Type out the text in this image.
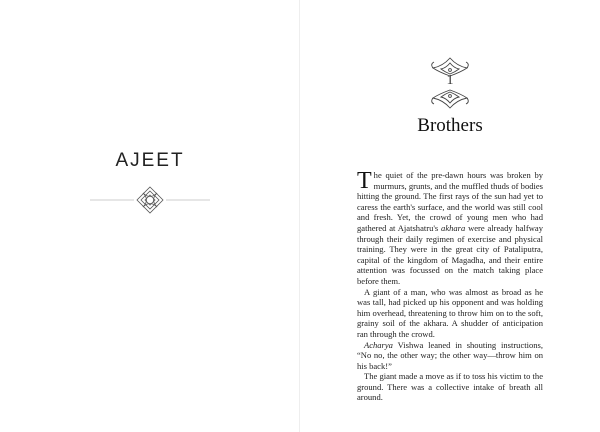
AJEET
1
Brothers

The quiet of the pre-dawn hours was broken by murmurs, grunts, and the muffled thuds of bodies hitting the ground. The first rays of the sun had yet to caress the earth's surface, and the world was still cool and fresh. Yet, the crowd of young men who had gathered at Ajatshatru's akhara were already halfway through their daily regimen of exercise and physical training. They were in the great city of Pataliputra, capital of the kingdom of Magadha, and their entire attention was focussed on the match taking place before them.

A giant of a man, who was almost as broad as he was tall, had picked up his opponent and was holding him overhead, threatening to throw him on to the soft, grainy soil of the akhara. A shudder of anticipation ran through the crowd.

Acharya Vishwa leaned in shouting instructions, “No no, the other way; the other way—throw him on his back!”

The giant made a move as if to toss his victim to the ground. There was a collective intake of breath all around.
